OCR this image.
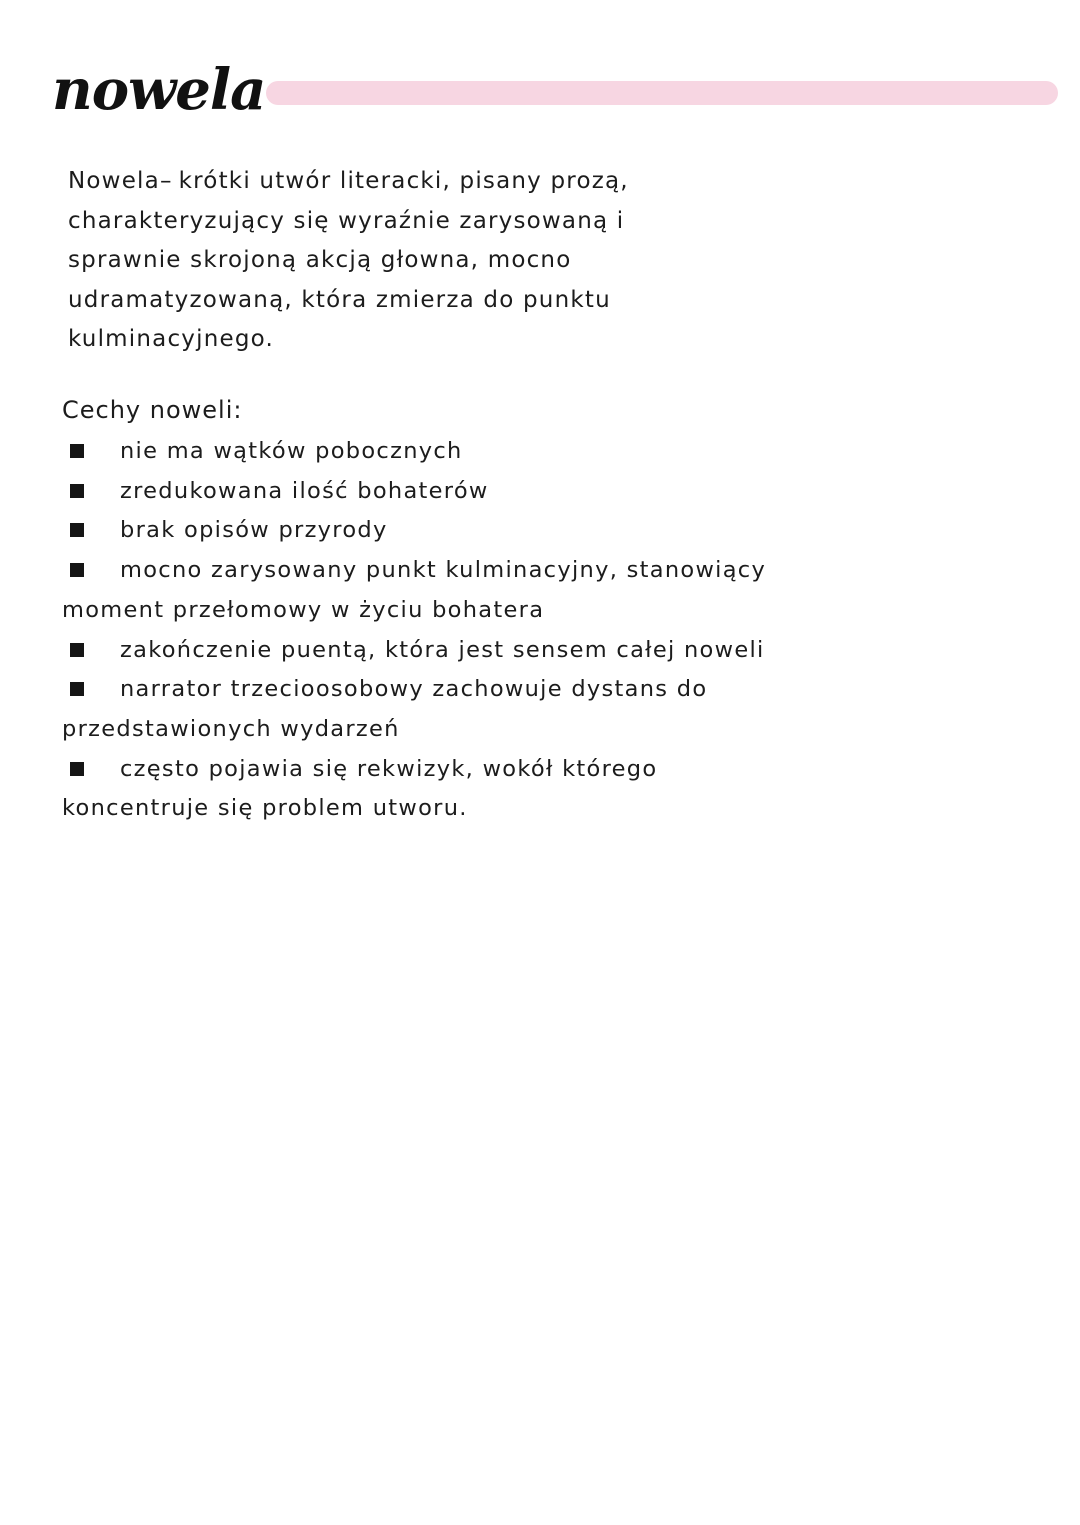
nowela
Nowela– krótki utwór literacki, pisany prozą,
charakteryzujący się wyraźnie zarysowaną i
sprawnie skrojoną akcją głowna, mocno
udramatyzowaną, która zmierza do punktu
kulminacyjnego.
Cechy noweli:
nie ma wątków pobocznych
zredukowana ilość bohaterów
brak opisów przyrody
mocno zarysowany punkt kulminacyjny, stanowiący moment przełomowy w życiu bohatera
zakończenie puentą, która jest sensem całej noweli
narrator trzecioosobowy zachowuje dystans do przedstawionych wydarzeń
często pojawia się rekwizyk, wokół którego koncentruje się problem utworu.
